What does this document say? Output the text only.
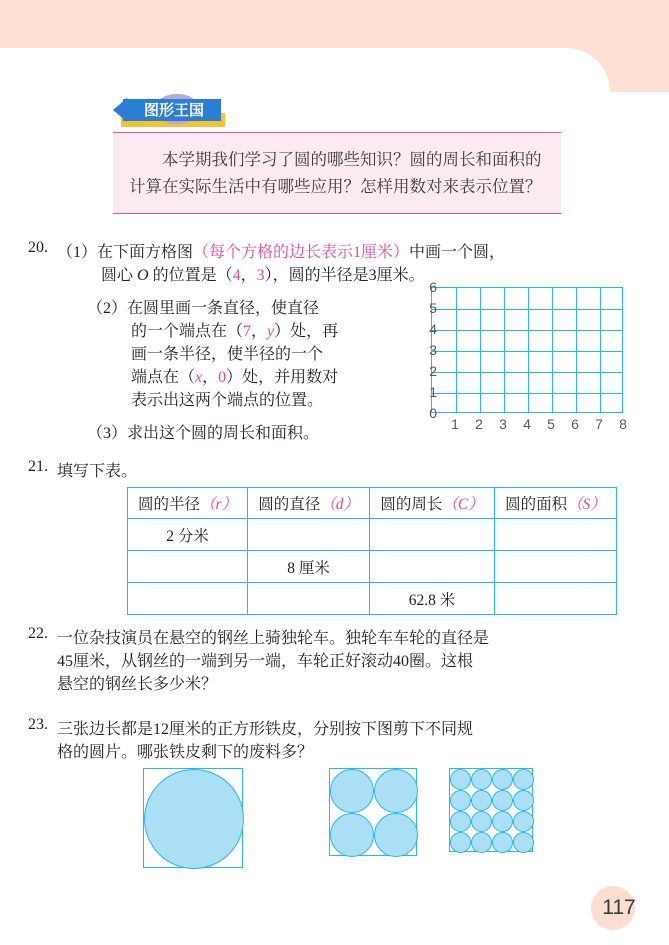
图形王国

本学期我们学习了圆的哪些知识？圆的周长和面积的计算在实际生活中有哪些应用？怎样用数对来表示位置？

20. （1）在下面方格图（每个方格的边长表示1厘米）中画一个圆，
圆心 O 的位置是（4，3），圆的半径是3厘米。
（2）在圆里画一条直径，使直径
的一个端点在（7，y）处，再
画一条半径，使半径的一个
端点在（x，0）处，并用数对
表示出这两个端点的位置。
（3）求出这个圆的周长和面积。
0
1
2
3
4
5
6
1	2	3	4	5	6	7	8
21. 填写下表。
圆的半径（r）	圆的直径（d）	圆的周长（C）	圆的面积（S）
2 分米			
	8 厘米		
		62.8 米	
22. 一位杂技演员在悬空的钢丝上骑独轮车。独轮车车轮的直径是
45厘米，从钢丝的一端到另一端，车轮正好滚动40圈。这根
悬空的钢丝长多少米？
23. 三张边长都是12厘米的正方形铁皮，分别按下图剪下不同规
格的圆片。哪张铁皮剩下的废料多？
117
